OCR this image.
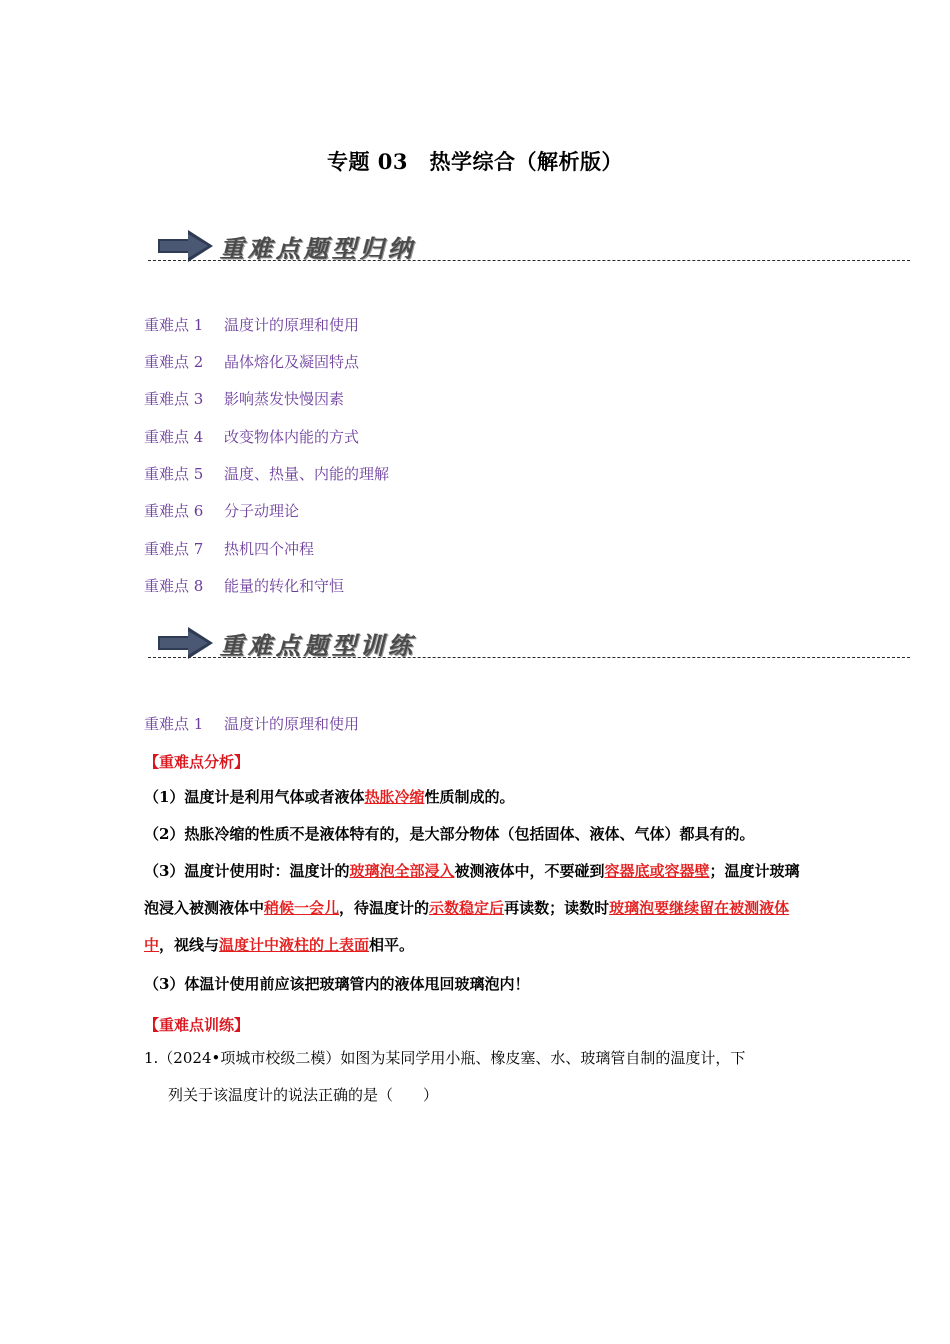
专题 03　热学综合（解析版）
重难点题型归纳
重难点 1 温度计的原理和使用
重难点 2 晶体熔化及凝固特点
重难点 3 影响蒸发快慢因素
重难点 4 改变物体内能的方式
重难点 5 温度、热量、内能的理解
重难点 6 分子动理论
重难点 7 热机四个冲程
重难点 8 能量的转化和守恒
重难点题型训练
重难点 1 温度计的原理和使用
【重难点分析】
（1）温度计是利用气体或者液体热胀冷缩性质制成的。
（2）热胀冷缩的性质不是液体特有的，是大部分物体（包括固体、液体、气体）都具有的。
（3）温度计使用时：温度计的玻璃泡全部浸入被测液体中，不要碰到容器底或容器壁；温度计玻璃泡浸入被测液体中稍候一会儿，待温度计的示数稳定后再读数；读数时玻璃泡要继续留在被测液体中，视线与温度计中液柱的上表面相平。
（3）体温计使用前应该把玻璃管内的液体甩回玻璃泡内！
【重难点训练】
1.（2024•项城市校级二模）如图为某同学用小瓶、橡皮塞、水、玻璃管自制的温度计，下
列关于该温度计的说法正确的是（　　）
